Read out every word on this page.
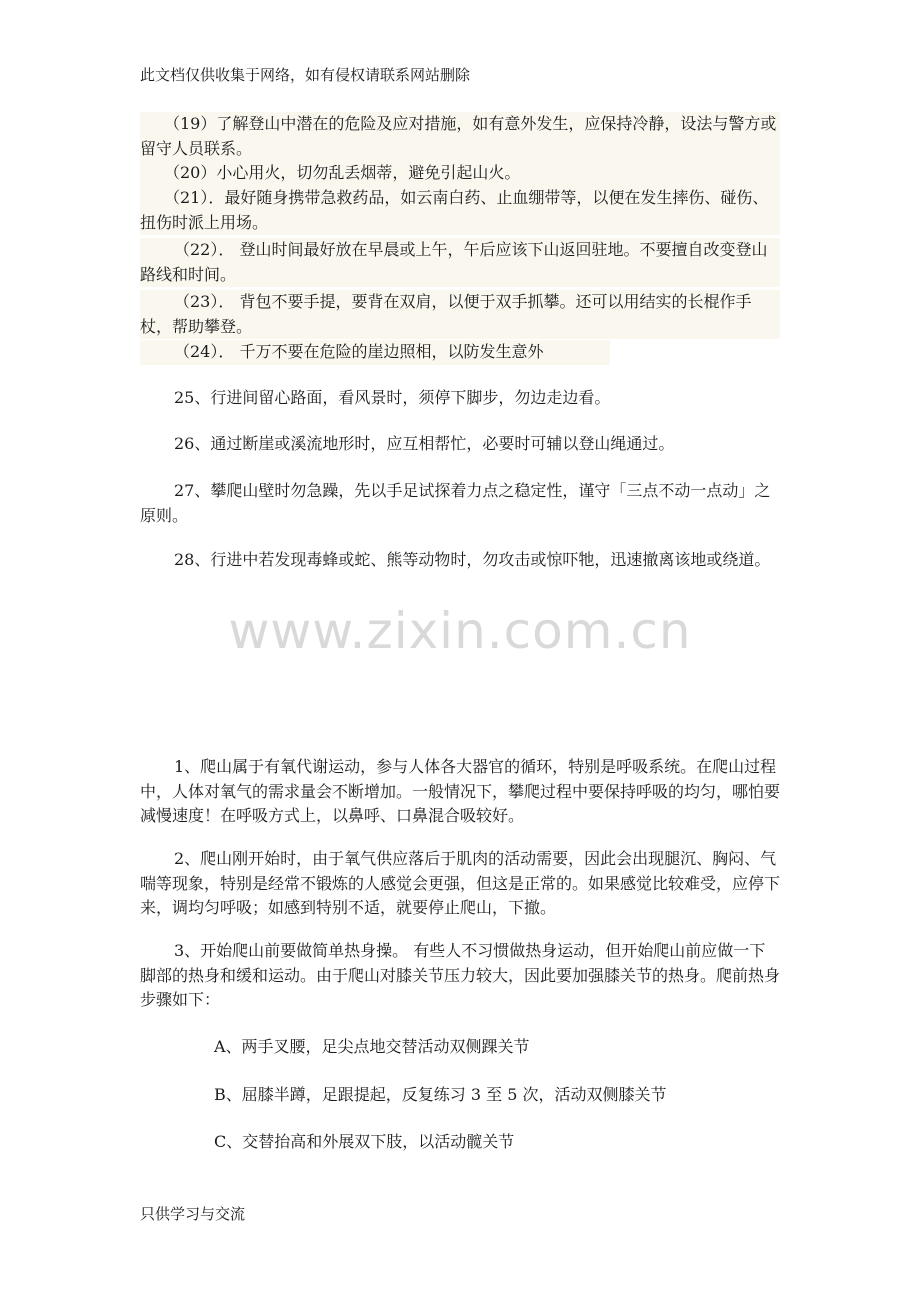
此文档仅供收集于网络，如有侵权请联系网站删除
（19）了解登山中潜在的危险及应对措施，如有意外发生，应保持冷静，设法与警方或留守人员联系。
（20）小心用火，切勿乱丢烟蒂，避免引起山火。
（21）．最好随身携带急救药品，如云南白药、止血绷带等，以便在发生摔伤、碰伤、扭伤时派上用场。
（22）． 登山时间最好放在早晨或上午，午后应该下山返回驻地。不要擅自改变登山路线和时间。
（23）． 背包不要手提，要背在双肩，以便于双手抓攀。还可以用结实的长棍作手杖，帮助攀登。
（24）． 千万不要在危险的崖边照相，以防发生意外
25、行进间留心路面，看风景时，须停下脚步，勿边走边看。
26、通过断崖或溪流地形时，应互相帮忙，必要时可辅以登山绳通过。
27、攀爬山壁时勿急躁，先以手足试探着力点之稳定性，谨守「三点不动一点动」之原则。
28、行进中若发现毒蜂或蛇、熊等动物时，勿攻击或惊吓牠，迅速撤离该地或绕道。
www.zixin.com.cn
1、爬山属于有氧代谢运动，参与人体各大器官的循环，特别是呼吸系统。在爬山过程中，人体对氧气的需求量会不断增加。一般情况下，攀爬过程中要保持呼吸的均匀，哪怕要减慢速度！在呼吸方式上，以鼻呼、口鼻混合吸较好。
2、爬山刚开始时，由于氧气供应落后于肌肉的活动需要，因此会出现腿沉、胸闷、气喘等现象，特别是经常不锻炼的人感觉会更强，但这是正常的。如果感觉比较难受，应停下来，调均匀呼吸；如感到特别不适，就要停止爬山，下撤。
3、开始爬山前要做简单热身操。 有些人不习惯做热身运动，但开始爬山前应做一下脚部的热身和缓和运动。由于爬山对膝关节压力较大，因此要加强膝关节的热身。爬前热身步骤如下：
A、两手叉腰，足尖点地交替活动双侧踝关节
B、屈膝半蹲，足跟提起，反复练习 3 至 5 次，活动双侧膝关节
C、交替抬高和外展双下肢，以活动髋关节
只供学习与交流
